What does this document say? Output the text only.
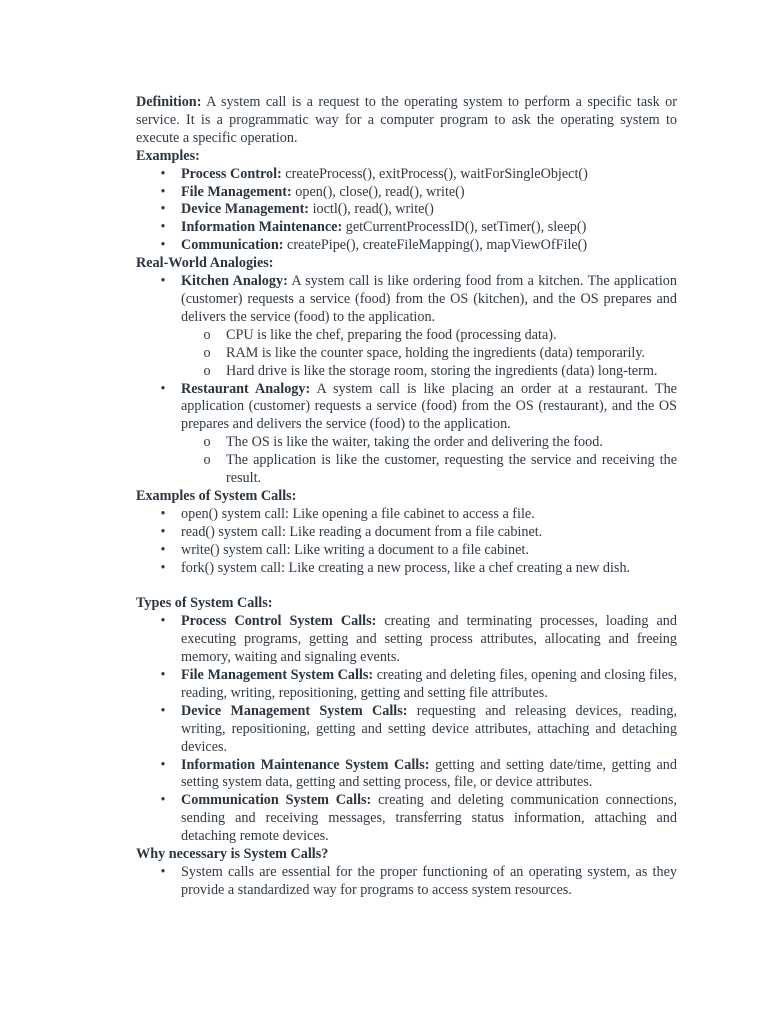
Definition: A system call is a request to the operating system to perform a specific task or service. It is a programmatic way for a computer program to ask the operating system to execute a specific operation.

Examples:
• Process Control: createProcess(), exitProcess(), waitForSingleObject()
• File Management: open(), close(), read(), write()
• Device Management: ioctl(), read(), write()
• Information Maintenance: getCurrentProcessID(), setTimer(), sleep()
• Communication: createPipe(), createFileMapping(), mapViewOfFile()
Real-World Analogies:
• Kitchen Analogy: A system call is like ordering food from a kitchen. The application (customer) requests a service (food) from the OS (kitchen), and the OS prepares and delivers the service (food) to the application.
o CPU is like the chef, preparing the food (processing data).
o RAM is like the counter space, holding the ingredients (data) temporarily.
o Hard drive is like the storage room, storing the ingredients (data) long-term.
• Restaurant Analogy: A system call is like placing an order at a restaurant. The application (customer) requests a service (food) from the OS (restaurant), and the OS prepares and delivers the service (food) to the application.
o The OS is like the waiter, taking the order and delivering the food.
o The application is like the customer, requesting the service and receiving the result.
Examples of System Calls:
• open() system call: Like opening a file cabinet to access a file.
• read() system call: Like reading a document from a file cabinet.
• write() system call: Like writing a document to a file cabinet.
• fork() system call: Like creating a new process, like a chef creating a new dish.
Types of System Calls:
• Process Control System Calls: creating and terminating processes, loading and executing programs, getting and setting process attributes, allocating and freeing memory, waiting and signaling events.
• File Management System Calls: creating and deleting files, opening and closing files, reading, writing, repositioning, getting and setting file attributes.
• Device Management System Calls: requesting and releasing devices, reading, writing, repositioning, getting and setting device attributes, attaching and detaching devices.
• Information Maintenance System Calls: getting and setting date/time, getting and setting system data, getting and setting process, file, or device attributes.
• Communication System Calls: creating and deleting communication connections, sending and receiving messages, transferring status information, attaching and detaching remote devices.
Why necessary is System Calls?
• System calls are essential for the proper functioning of an operating system, as they provide a standardized way for programs to access system resources.
